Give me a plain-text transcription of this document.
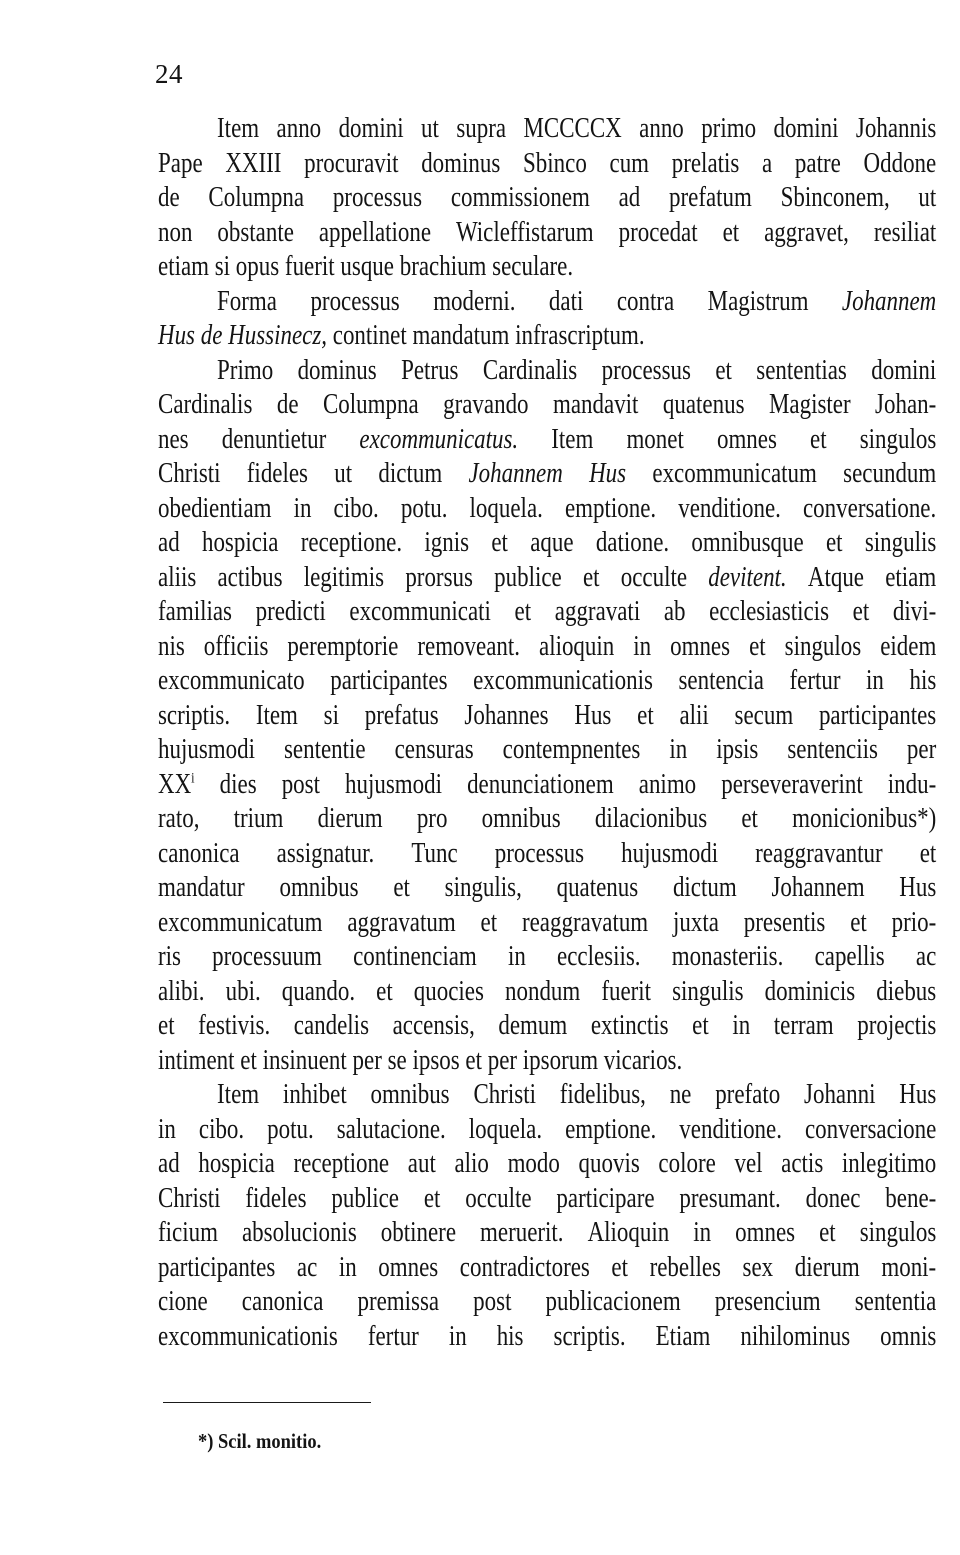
24
Item anno domini ut supra MCCCCX anno primo domini Johannis
Pape XXIII procuravit dominus Sbinco cum prelatis a patre Oddone
de Columpna processus commissionem ad prefatum Sbinconem, ut
non obstante appellatione Wicleffistarum procedat et aggravet, resiliat
etiam si opus fuerit usque brachium seculare.
Forma processus moderni. dati contra Magistrum Johannem
Hus de Hussinecz, continet mandatum infrascriptum.
Primo dominus Petrus Cardinalis processus et sententias domini
Cardinalis de Columpna gravando mandavit quatenus Magister Johan-
nes denuntietur excommunicatus. Item monet omnes et singulos
Christi fideles ut dictum Johannem Hus excommunicatum secundum
obedientiam in cibo. potu. loquela. emptione. venditione. conversatione.
ad hospicia receptione. ignis et aque datione. omnibusque et singulis
aliis actibus legitimis prorsus publice et occulte devitent. Atque etiam
familias predicti excommunicati et aggravati ab ecclesiasticis et divi-
nis officiis peremptorie removeant. alioquin in omnes et singulos eidem
excommunicato participantes excommunicationis sentencia fertur in his
scriptis. Item si prefatus Johannes Hus et alii secum participantes
hujusmodi sententie censuras contempnentes in ipsis sentenciis per
$XX^i$ dies post hujusmodi denunciationem animo perseveraverint indu-
rato, trium dierum pro omnibus dilacionibus et monicionibus*)
canonica assignatur. Tunc processus hujusmodi reaggravantur et
mandatur omnibus et singulis, quatenus dictum Johannem Hus
excommunicatum aggravatum et reaggravatum juxta presentis et prio-
ris processuum continenciam in ecclesiis. monasteriis. capellis ac
alibi. ubi. quando. et quocies nondum fuerit singulis dominicis diebus
et festivis. candelis accensis, demum extinctis et in terram projectis
intiment et insinuent per se ipsos et per ipsorum vicarios.
Item inhibet omnibus Christi fidelibus, ne prefato Johanni Hus
in cibo. potu. salutacione. loquela. emptione. venditione. conversacione
ad hospicia receptione aut alio modo quovis colore vel actis inlegitimo
Christi fideles publice et occulte participare presumant. donec bene-
ficium absolucionis obtinere meruerit. Alioquin in omnes et singulos
participantes ac in omnes contradictores et rebelles sex dierum moni-
cione canonica premissa post publicacionem presencium sententia
excommunicationis fertur in his scriptis. Etiam nihilominus omnis
*) Scil. monitio.
